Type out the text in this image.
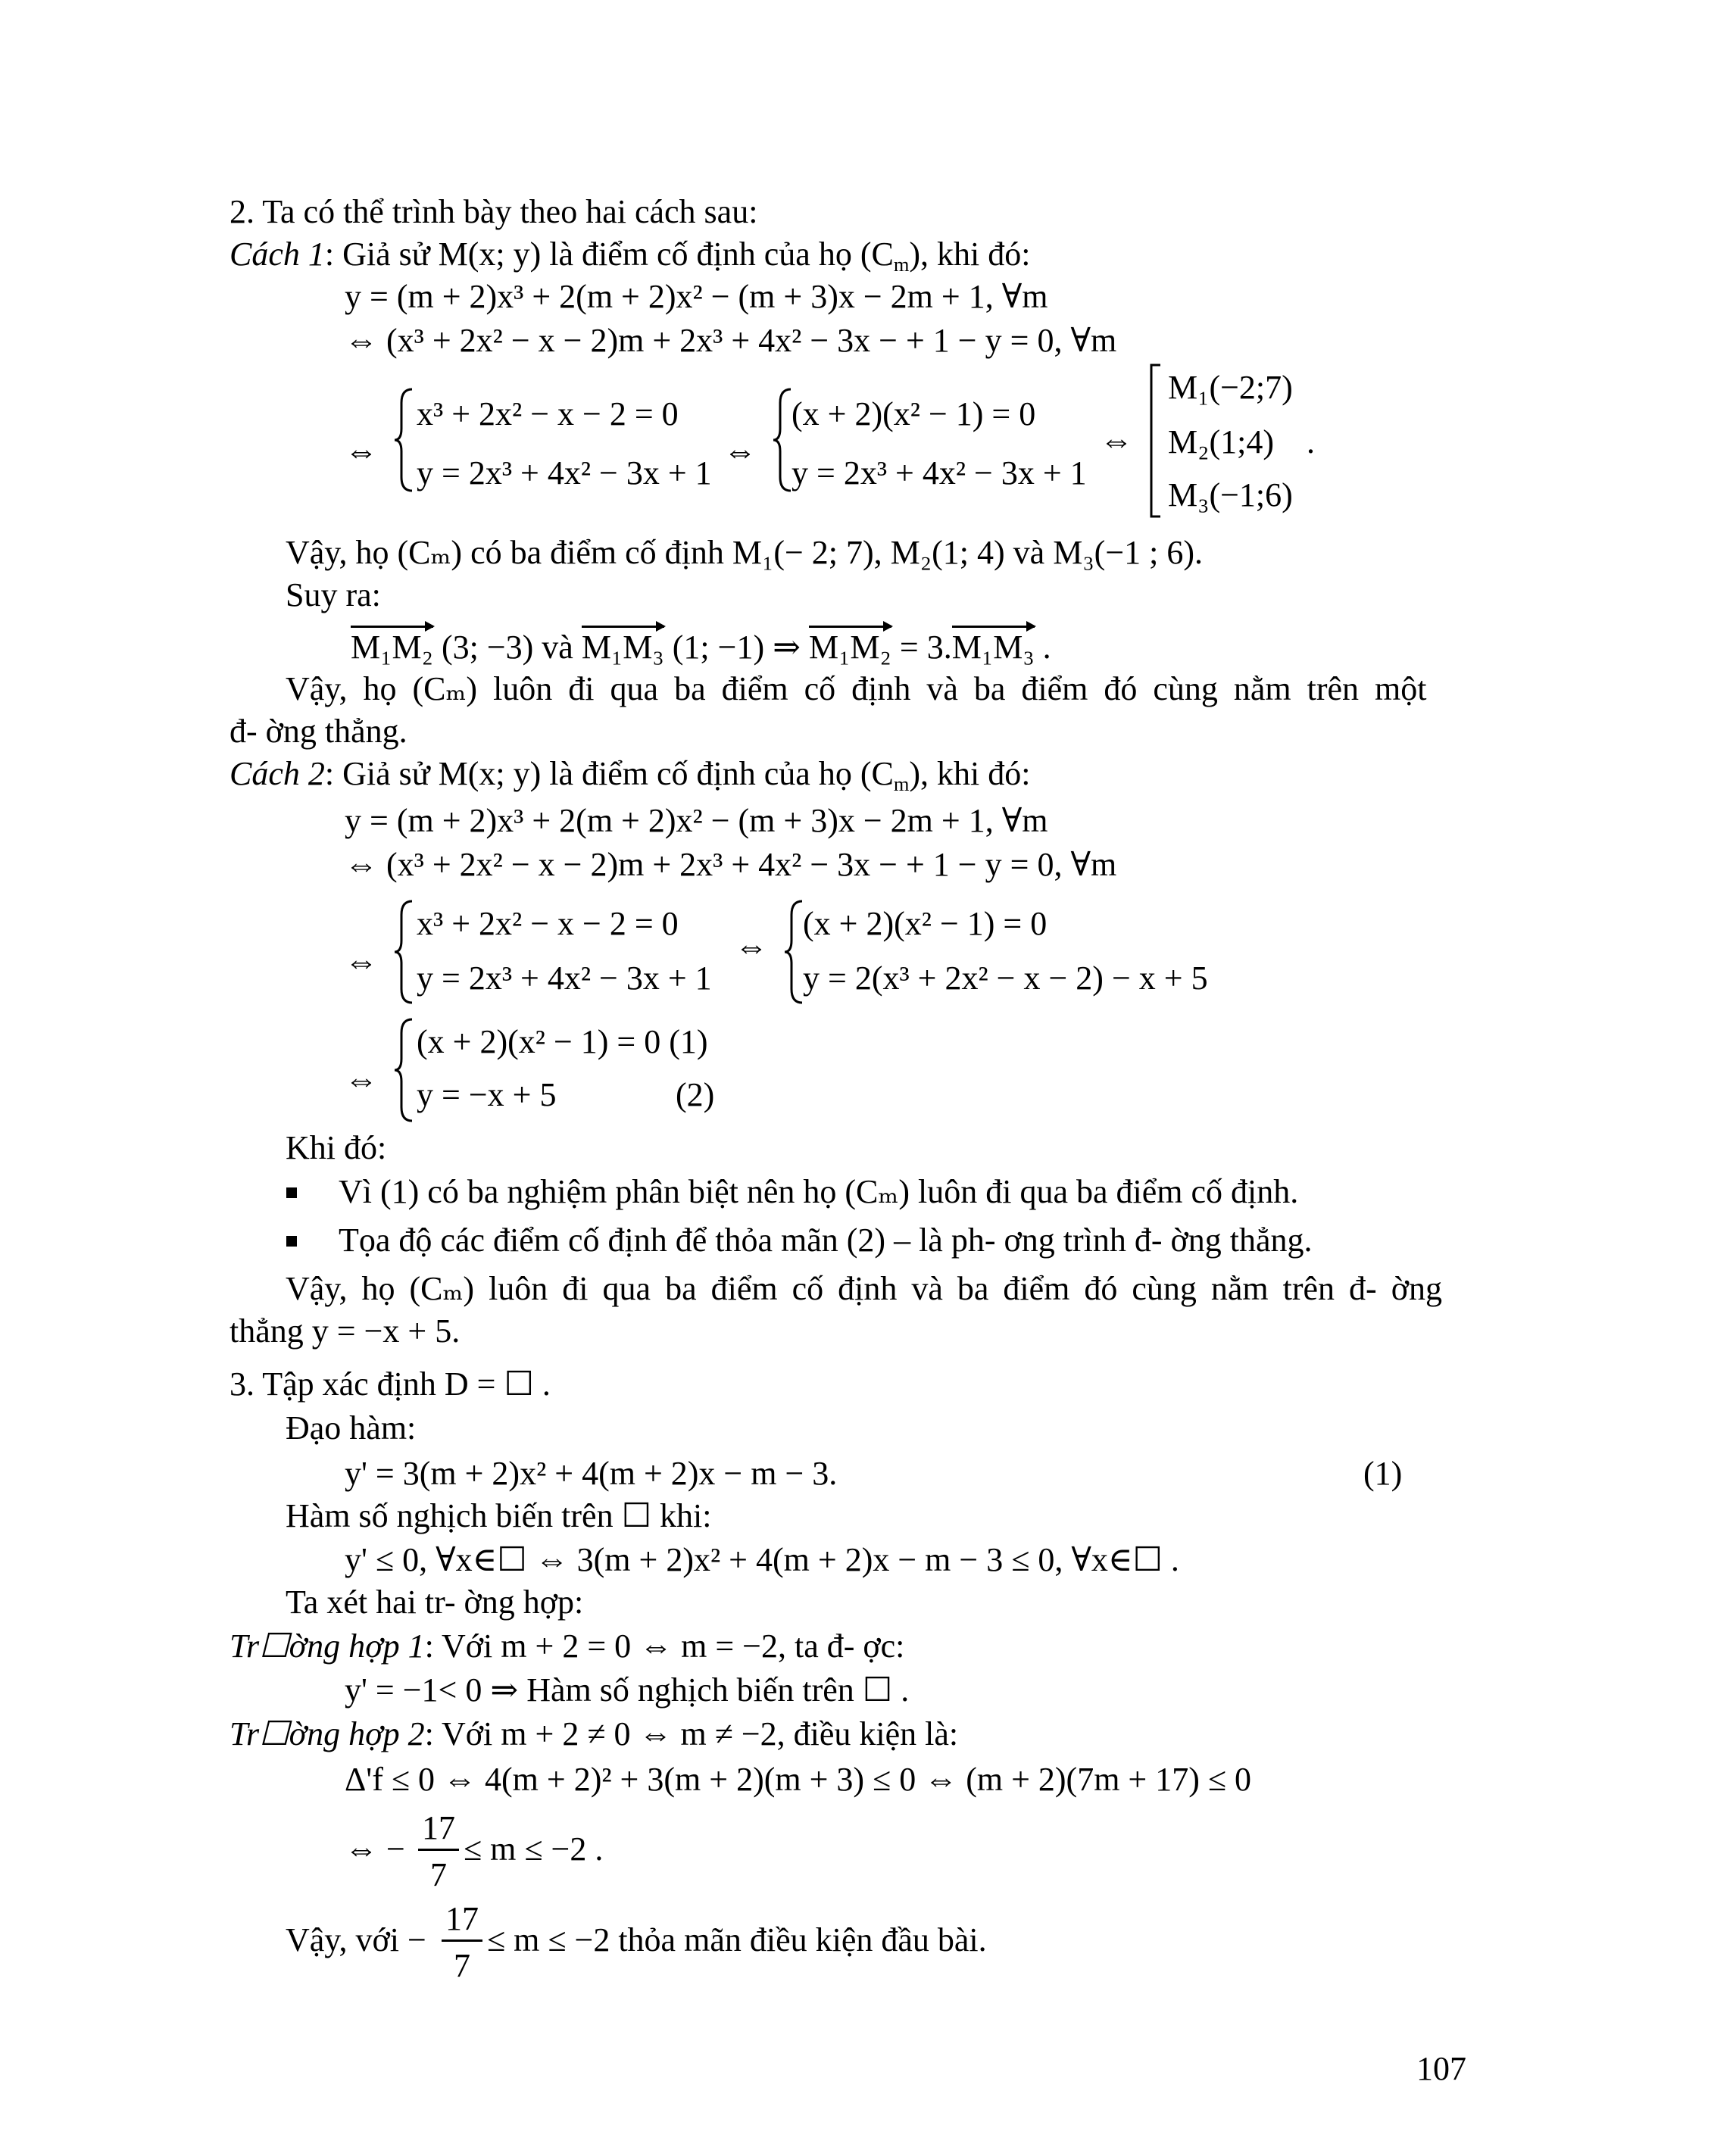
2. Ta có thể trình bày theo hai cách sau:
Cách 1: Giả sử M(x; y) là điểm cố định của họ $(C_m)$, khi đó:
y = (m + 2)x³ + 2(m + 2)x² − (m + 3)x − 2m + 1, ∀m
⇔ (x³ + 2x² − x − 2)m + 2x³ + 4x² − 3x − + 1 − y = 0, ∀m
⇔
x³ + 2x² − x − 2 = 0
y = 2x³ + 4x² − 3x + 1
⇔
(x + 2)(x² − 1) = 0
y = 2x³ + 4x² − 3x + 1
⇔
M₁(−2;7)
M₂(1;4) .
M₃(−1;6)
Vậy, họ (Cₘ) có ba điểm cố định M₁(− 2; 7), M₂(1; 4) và M₃(−1 ; 6).
Suy ra:
M₁M₂ (3; −3) và M₁M₃ (1; −1) ⇒ M₁M₂ = 3.M₁M₃ .
Vậy, họ (Cₘ) luôn đi qua ba điểm cố định và ba điểm đó cùng nằm trên một
đ- ờng thẳng.
Cách 2: Giả sử M(x; y) là điểm cố định của họ $(C_m)$, khi đó:
y = (m + 2)x³ + 2(m + 2)x² − (m + 3)x − 2m + 1, ∀m
⇔ (x³ + 2x² − x − 2)m + 2x³ + 4x² − 3x − + 1 − y = 0, ∀m
⇔
x³ + 2x² − x − 2 = 0
y = 2x³ + 4x² − 3x + 1
⇔
(x + 2)(x² − 1) = 0
y = 2(x³ + 2x² − x − 2) − x + 5
⇔
(x + 2)(x² − 1) = 0 (1)
y = −x + 5	(2)
Khi đó:
Vì (1) có ba nghiệm phân biệt nên họ (Cₘ) luôn đi qua ba điểm cố định.
Tọa độ các điểm cố định để thỏa mãn (2) – là ph- ơng trình đ- ờng thẳng.
Vậy, họ (Cₘ) luôn đi qua ba điểm cố định và ba điểm đó cùng nằm trên đ- ờng
thẳng y = −x + 5.
3. Tập xác định D = ☐ .
Đạo hàm:
y' = 3(m + 2)x² + 4(m + 2)x − m − 3.	(1)
Hàm số nghịch biến trên ☐ khi:
y' ≤ 0, ∀x∈☐ ⇔ 3(m + 2)x² + 4(m + 2)x − m − 3 ≤ 0, ∀x∈☐ .
Ta xét hai tr- ờng hợp:
Tr☐ờng hợp 1: Với m + 2 = 0 ⇔ m = −2, ta đ- ợc:
y' = −1< 0 ⇒ Hàm số nghịch biến trên ☐ .
Tr☐ờng hợp 2: Với m + 2 ≠ 0 ⇔ m ≠ −2, điều kiện là:
Δ'f ≤ 0 ⇔ 4(m + 2)² + 3(m + 2)(m + 3) ≤ 0 ⇔ (m + 2)(7m + 17) ≤ 0
⇔ −
17
7
≤ m ≤ −2 .
Vậy, với −
17
7
≤ m ≤ −2 thỏa mãn điều kiện đầu bài.
107
